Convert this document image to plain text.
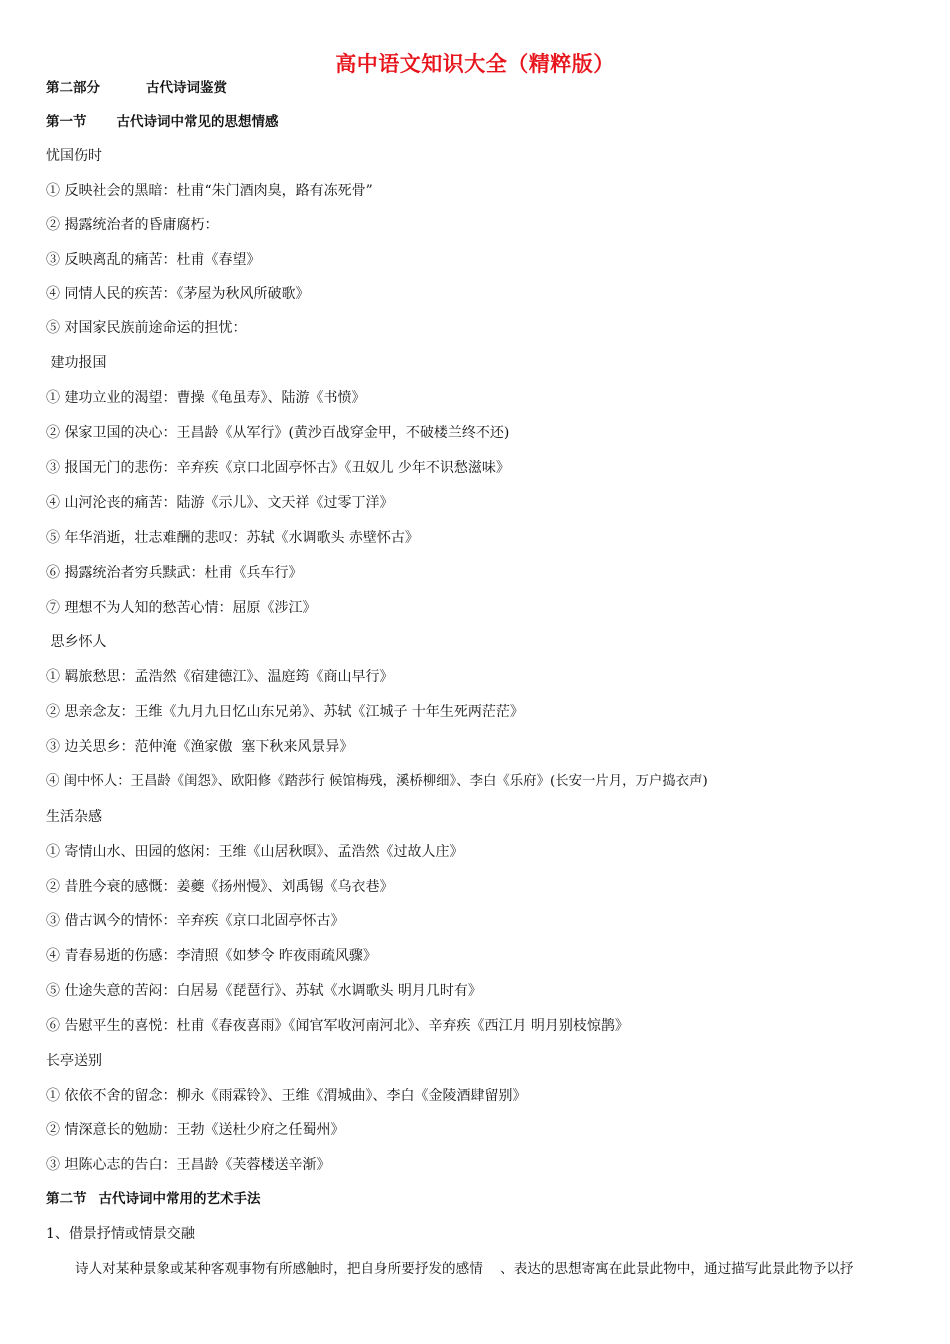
高中语文知识大全（精粹版）
第二部分	古代诗词鉴赏
第一节 古代诗词中常见的思想情感
忧国伤时
① 反映社会的黑暗：杜甫“朱门酒肉臭，路有冻死骨”
② 揭露统治者的昏庸腐朽：
③ 反映离乱的痛苦：杜甫《春望》
④ 同情人民的疾苦：《茅屋为秋风所破歌》
⑤ 对国家民族前途命运的担忧：
建功报国
① 建功立业的渴望：曹操《龟虽寿》、陆游《书愤》
② 保家卫国的决心：王昌龄《从军行》(黄沙百战穿金甲，不破楼兰终不还)
③ 报国无门的悲伤：辛弃疾《京口北固亭怀古》《丑奴儿 少年不识愁滋味》
④ 山河沦丧的痛苦：陆游《示儿》、文天祥《过零丁洋》
⑤ 年华消逝，壮志难酬的悲叹：苏轼《水调歌头 赤壁怀古》
⑥ 揭露统治者穷兵黩武：杜甫《兵车行》
⑦ 理想不为人知的愁苦心情：屈原《涉江》
思乡怀人
① 羁旅愁思：孟浩然《宿建德江》、温庭筠《商山早行》
② 思亲念友：王维《九月九日忆山东兄弟》、苏轼《江城子 十年生死两茫茫》
③ 边关思乡：范仲淹《渔家傲  塞下秋来风景异》
④ 闺中怀人：王昌龄《闺怨》、欧阳修《踏莎行 候馆梅残，溪桥柳细》、李白《乐府》(长安一片月，万户捣衣声)
生活杂感
① 寄情山水、田园的悠闲：王维《山居秋暝》、孟浩然《过故人庄》
② 昔胜今衰的感慨：姜夔《扬州慢》、刘禹锡《乌衣巷》
③ 借古讽今的情怀：辛弃疾《京口北固亭怀古》
④ 青春易逝的伤感：李清照《如梦令 昨夜雨疏风骤》
⑤ 仕途失意的苦闷：白居易《琵琶行》、苏轼《水调歌头 明月几时有》
⑥ 告慰平生的喜悦：杜甫《春夜喜雨》《闻官军收河南河北》、辛弃疾《西江月 明月别枝惊鹊》
长亭送别
① 依依不舍的留念：柳永《雨霖铃》、王维《渭城曲》、李白《金陵酒肆留别》
② 情深意长的勉励：王勃《送杜少府之任蜀州》
③ 坦陈心志的告白：王昌龄《芙蓉楼送辛渐》
第二节 古代诗词中常用的艺术手法
1、借景抒情或情景交融
诗人对某种景象或某种客观事物有所感触时，把自身所要抒发的感情    、表达的思想寄寓在此景此物中，通过描写此景此物予以抒
